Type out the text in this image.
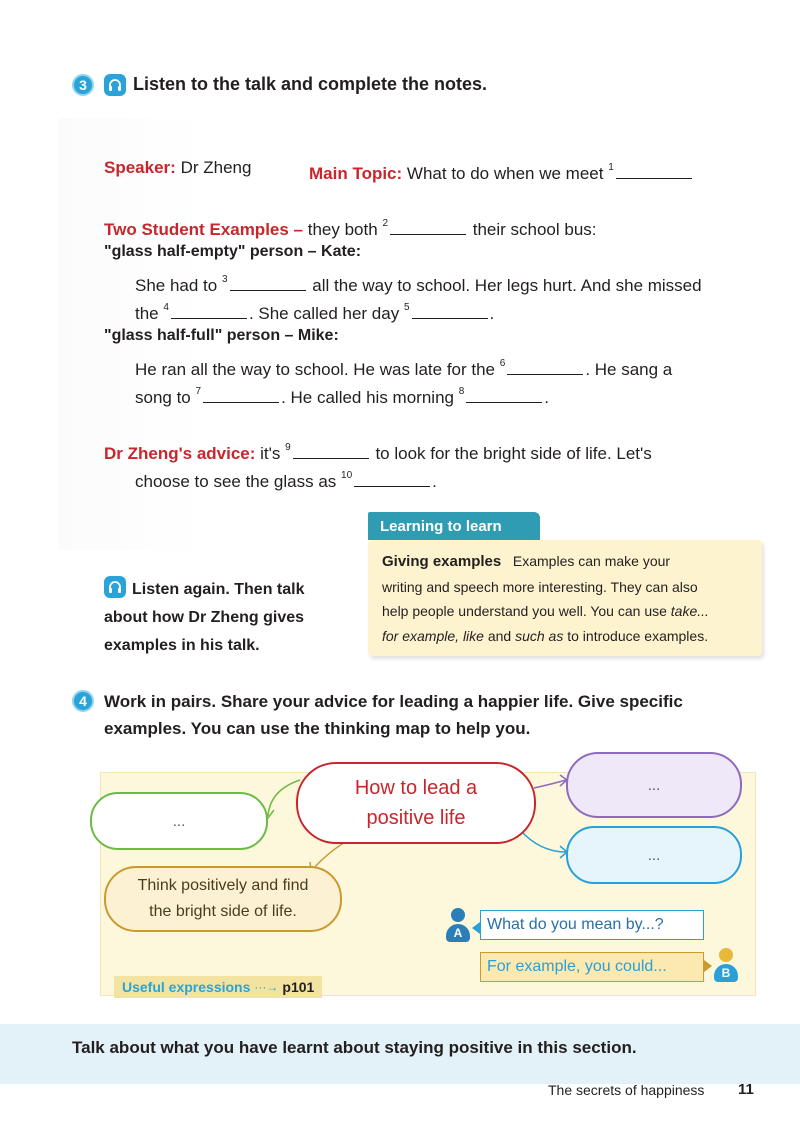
3	Listen to the talk and complete the notes.
Speaker: Dr Zheng	Main Topic: What to do when we meet $^1$
Two Student Examples – they both $^2$	their school bus:
"glass half-empty" person – Kate:
She had to $^3$	all the way to school. Her legs hurt. And she missed
the $^4$	. She called her day $^5$	.
"glass half-full" person – Mike:
He ran all the way to school. He was late for the $^6$	. He sang a
song to $^7$	. He called his morning $^8$	.
Dr Zheng's advice: it's $^9$	to look for the bright side of life. Let's
choose to see the glass as $^{10}$	.
Listen again. Then talk
about how Dr Zheng gives
examples in his talk.
Learning to learn
Giving examples Examples can make your
writing and speech more interesting. They can also
help people understand you well. You can use take...
for example, like and such as to introduce examples.
4 Work in pairs. Share your advice for leading a happier life. Give specific
examples. You can use the thinking map to help you.
How to lead a
positive life
...
...
...
Think positively and find
the bright side of life.
A	What do you mean by...?
For example, you could...	B
Useful expressions ···→ p101
Talk about what you have learnt about staying positive in this section.
The secrets of happiness 11
